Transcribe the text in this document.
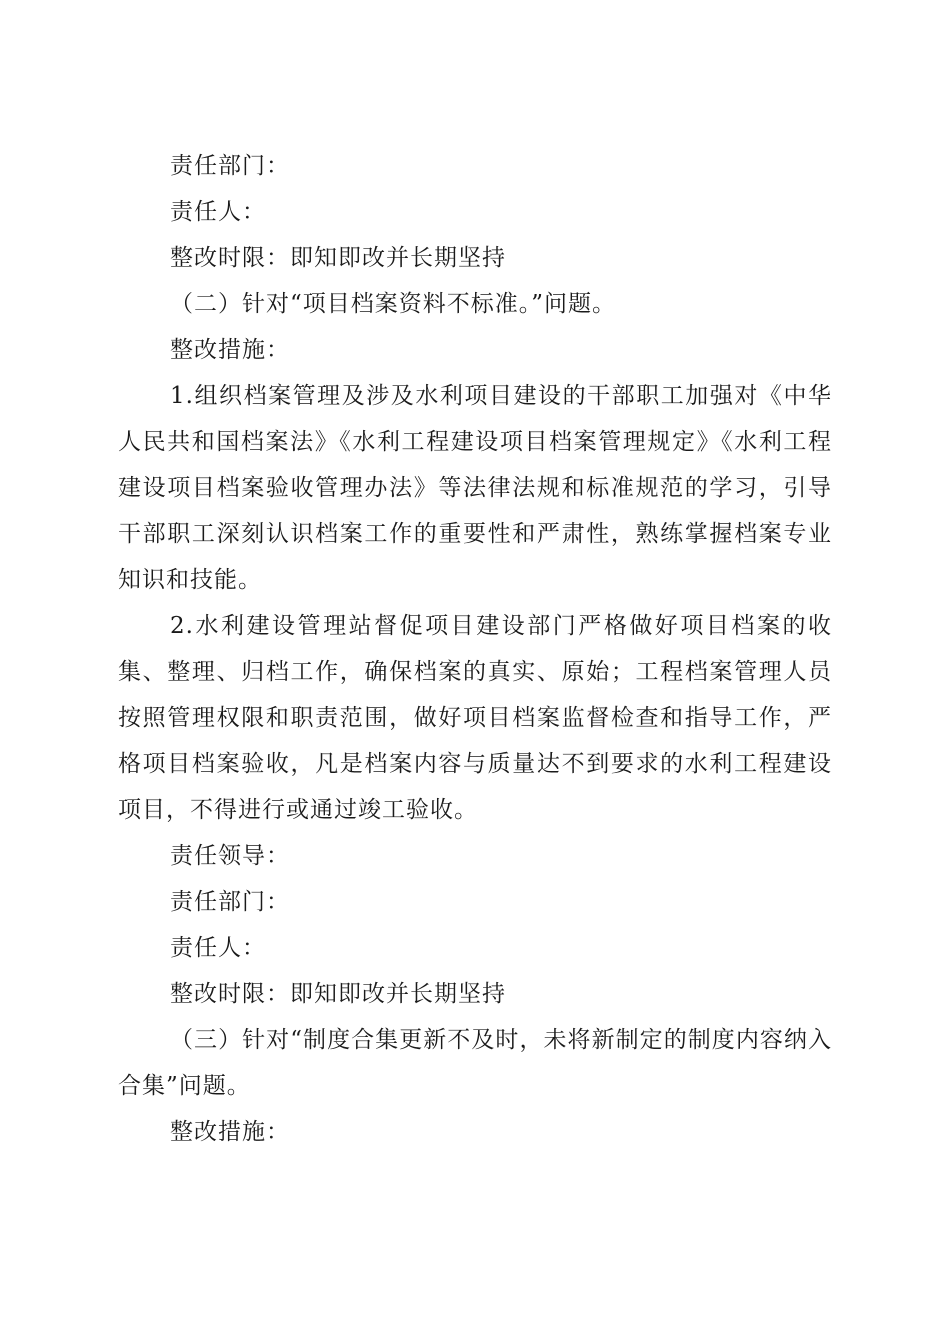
责任部门：
责任人：
整改时限：即知即改并长期坚持
（二）针对“项目档案资料不标准。”问题。
整改措施：
1.组织档案管理及涉及水利项目建设的干部职工加强对《中华人民共和国档案法》《水利工程建设项目档案管理规定》《水利工程建设项目档案验收管理办法》等法律法规和标准规范的学习，引导干部职工深刻认识档案工作的重要性和严肃性，熟练掌握档案专业知识和技能。
2.水利建设管理站督促项目建设部门严格做好项目档案的收集、整理、归档工作，确保档案的真实、原始；工程档案管理人员按照管理权限和职责范围，做好项目档案监督检查和指导工作，严格项目档案验收，凡是档案内容与质量达不到要求的水利工程建设项目，不得进行或通过竣工验收。
责任领导：
责任部门：
责任人：
整改时限：即知即改并长期坚持
（三）针对“制度合集更新不及时，未将新制定的制度内容纳入合集”问题。
整改措施：
